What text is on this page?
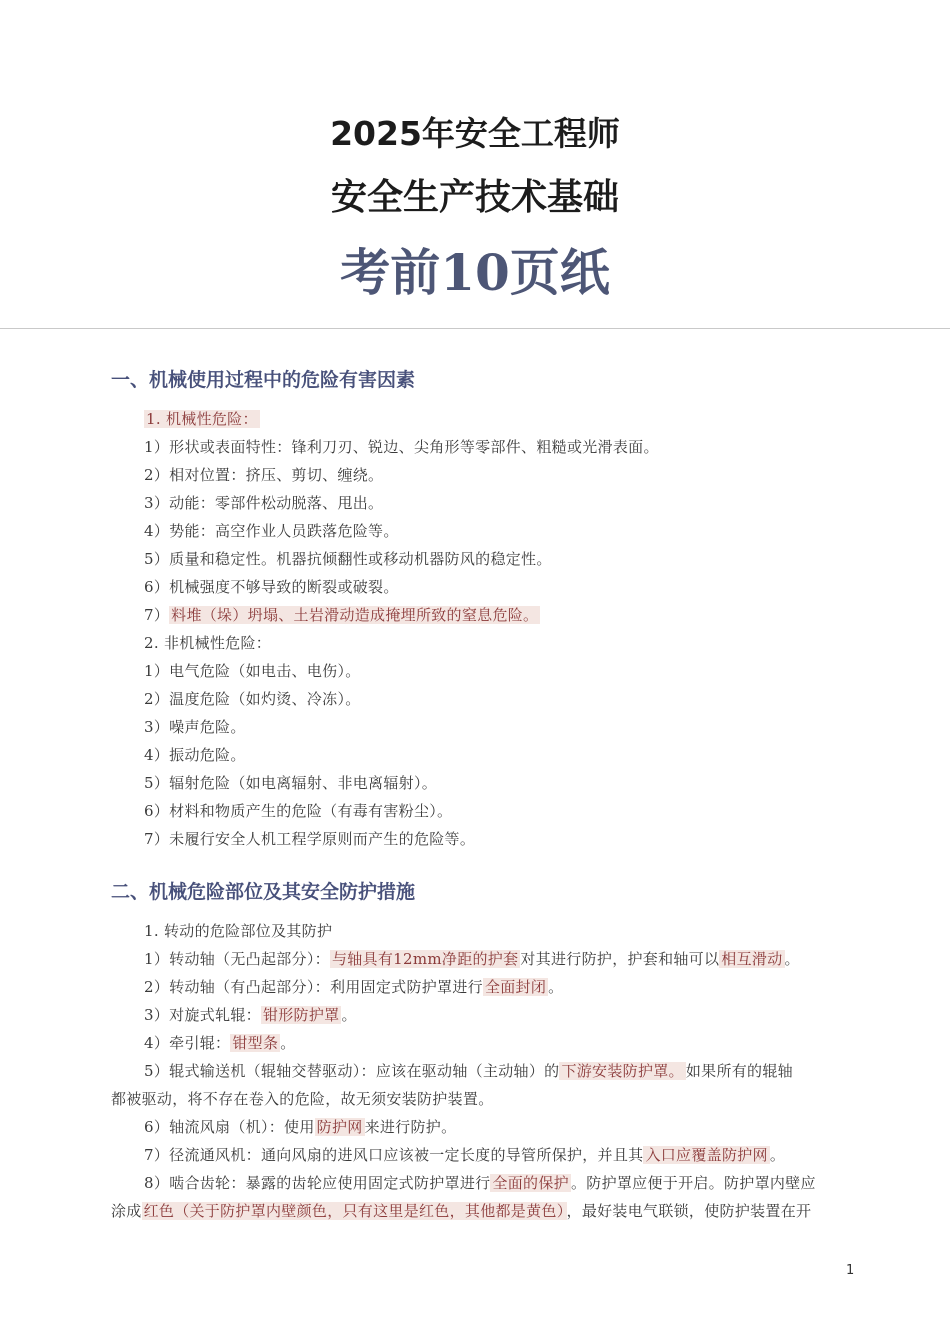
2025年安全工程师
安全生产技术基础
考前10页纸
一、机械使用过程中的危险有害因素
1. 机械性危险：
1）形状或表面特性：锋利刀刃、锐边、尖角形等零部件、粗糙或光滑表面。
2）相对位置：挤压、剪切、缠绕。
3）动能：零部件松动脱落、甩出。
4）势能：高空作业人员跌落危险等。
5）质量和稳定性。机器抗倾翻性或移动机器防风的稳定性。
6）机械强度不够导致的断裂或破裂。
7） 料堆（垛）坍塌、土岩滑动造成掩埋所致的窒息危险。
2. 非机械性危险：
1）电气危险（如电击、电伤）。
2）温度危险（如灼烫、冷冻）。
3）噪声危险。
4）振动危险。
5）辐射危险（如电离辐射、非电离辐射）。
6）材料和物质产生的危险（有毒有害粉尘）。
7）未履行安全人机工程学原则而产生的危险等。
二、机械危险部位及其安全防护措施
1. 转动的危险部位及其防护
1）转动轴（无凸起部分）： 与轴具有12mm净距的护套 对其进行防护，护套和轴可以 相互滑动 。
2）转动轴（有凸起部分）：利用固定式防护罩进行 全面封闭 。
3）对旋式轧辊： 钳形防护罩 。
4）牵引辊： 钳型条 。
5）辊式输送机（辊轴交替驱动）：应该在驱动轴（主动轴）的 下游安装防护罩。 如果所有的辊轴
都被驱动，将不存在卷入的危险，故无须安装防护装置。
6）轴流风扇（机）：使用 防护网 来进行防护。
7）径流通风机：通向风扇的进风口应该被一定长度的导管所保护，并且其 入口应覆盖防护网 。
8）啮合齿轮：暴露的齿轮应使用固定式防护罩进行 全面的保护 。防护罩应便于开启。防护罩内壁应
涂成 红色（关于防护罩内壁颜色，只有这里是红色，其他都是黄色） ，最好装电气联锁，使防护装置在开
1
